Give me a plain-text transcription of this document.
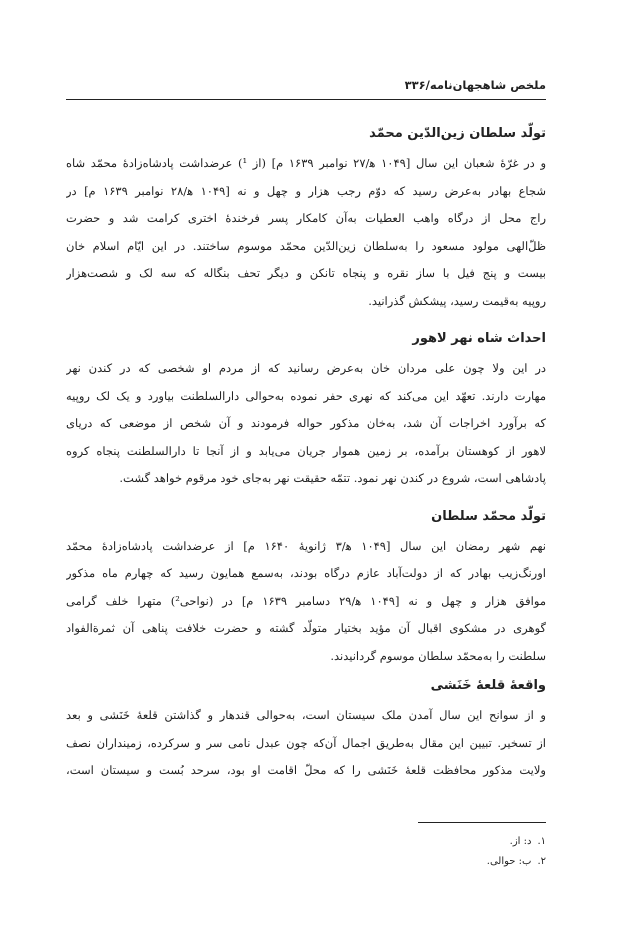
ملخص شاهجهان‌نامه/۳۳۶
تولّد سلطان زین‌الدّین محمّد
و در غرّهٔ شعبان این سال [۱۰۴۹ ﻫ/۲۷ نوامبر ۱۶۳۹ م] (از ¹) عرضداشت پادشاه‌زادهٔ محمّد شاه
شجاع بهادر به‌عرض رسید که دوّم رجب هزار و چهل و نه [۱۰۴۹ ﻫ/۲۸ نوامبر ۱۶۳۹ م] در
راج محل از درگاه واهب العطیات به‌آن کامکار پسر فرخندهٔ اختری کرامت شد و حضرت
ظلّ‌الهی مولود مسعود را به‌سلطان زین‌الدّین محمّد موسوم ساختند. در این ایّام اسلام خان
بیست و پنج فیل با ساز نقره و پنجاه تانکن و دیگر تحف بنگاله که سه لک و شصت‌هزار
روپیه به‌قیمت رسید، پیشکش گذرانید.
احداث شاه نهر لاهور
در این ولا چون علی مردان خان به‌عرض رسانید که از مردم او شخصی که در کندن نهر
مهارت دارند. تعهّد این می‌کند که نهری حفر نموده به‌حوالی دارالسلطنت بیاورد و یک لک روپیه
که برآورد اخراجات آن شد، به‌خان مذکور حواله فرمودند و آن شخص از موضعی که دریای
لاهور از کوهستان برآمده، بر زمین هموار جریان می‌یابد و از آنجا تا دارالسلطنت پنجاه کروه
پادشاهی است، شروع در کندن نهر نمود. تتمّه حقیقت نهر به‌جای خود مرقوم خواهد گشت.
تولّد محمّد سلطان
نهم شهر رمضان این سال [۱۰۴۹ ﻫ/۳ ژانویهٔ ۱۶۴۰ م] از عرضداشت پادشاه‌زادهٔ محمّد
اورنگ‌زیب بهادر که از دولت‌آباد عازم درگاه بودند، به‌سمع همایون رسید که چهارم ماه مذکور
موافق هزار و چهل و نه [۱۰۴۹ ﻫ/۲۹ دسامبر ۱۶۳۹ م] در (نواحی²) متهرا خلف گرامی
گوهری در مشکوی اقبال آن مؤید بختیار متولّد گشته و حضرت خلافت پناهی آن ثمرةالفواد
سلطنت را به‌محمّد سلطان موسوم گردانیدند.
واقعهٔ قلعهٔ خَنَشی
و از سوانح این سال آمدن ملک سیستان است، به‌حوالی قندهار و گذاشتن قلعهٔ خَنَشی و بعد
از تسخیر. تبیین این مقال به‌طریق اجمال آن‌که چون عبدل نامی سر و سرکرده، زمینداران نصف
ولایت مذکور محافظت قلعهٔ خَنَشی را که محلّ اقامت او بود، سرحد بُست و سیستان است،
۱.د: از.
۲.ب: حوالی.
